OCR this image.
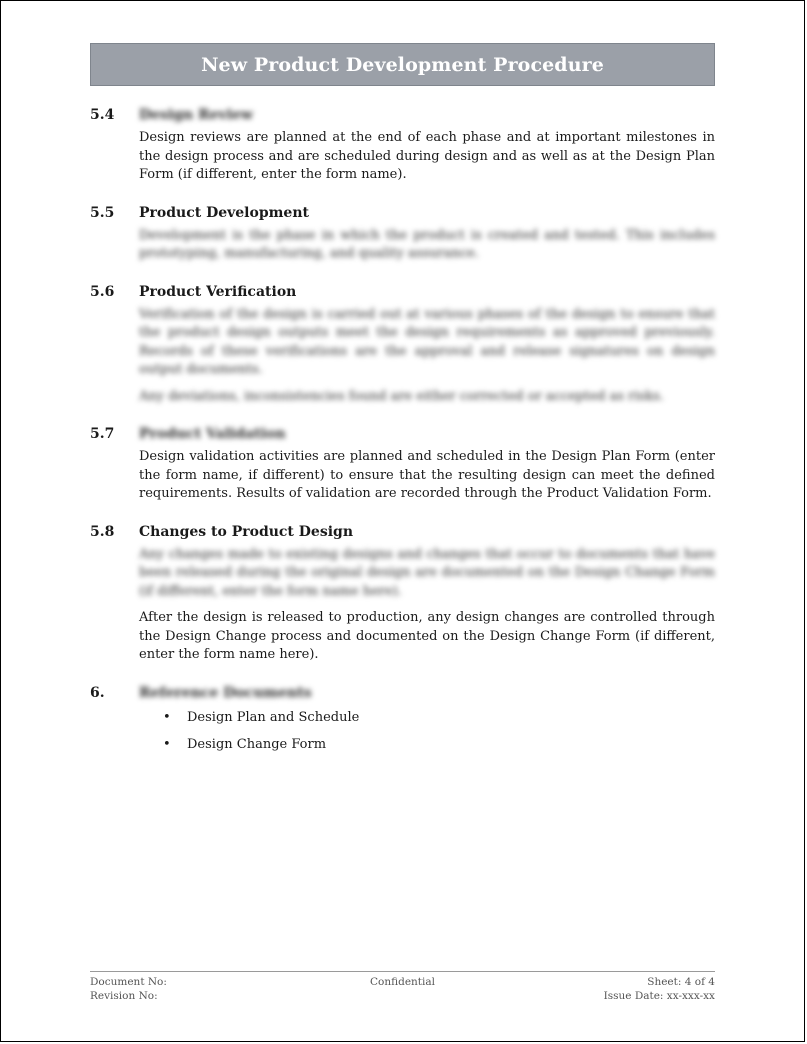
New Product Development Procedure
5.4	Design Review

Design reviews are planned at the end of each phase and at important milestones in the design process and are scheduled during design and as well as at the Design Plan Form (if different, enter the form name).

5.5	Product Development

Development is the phase in which the product is created and tested. This includes prototyping, manufacturing, and quality assurance.

5.6	Product Verification

Verification of the design is carried out at various phases of the design to ensure that the product design outputs meet the design requirements as approved previously. Records of these verifications are the approval and release signatures on design output documents.

Any deviations, inconsistencies found are either corrected or accepted as risks.

5.7	Product Validation

Design validation activities are planned and scheduled in the Design Plan Form (enter the form name, if different) to ensure that the resulting design can meet the defined requirements. Results of validation are recorded through the Product Validation Form.

5.8	Changes to Product Design

Any changes made to existing designs and changes that occur to documents that have been released during the original design are documented on the Design Change Form (if different, enter the form name here).

After the design is released to production, any design changes are controlled through the Design Change process and documented on the Design Change Form (if different, enter the form name here).

6.	Reference Documents
• Design Plan and Schedule
• Design Change Form
Document No:	Confidential	Sheet: 4 of 4
Revision No:	Issue Date: xx-xxx-xx
